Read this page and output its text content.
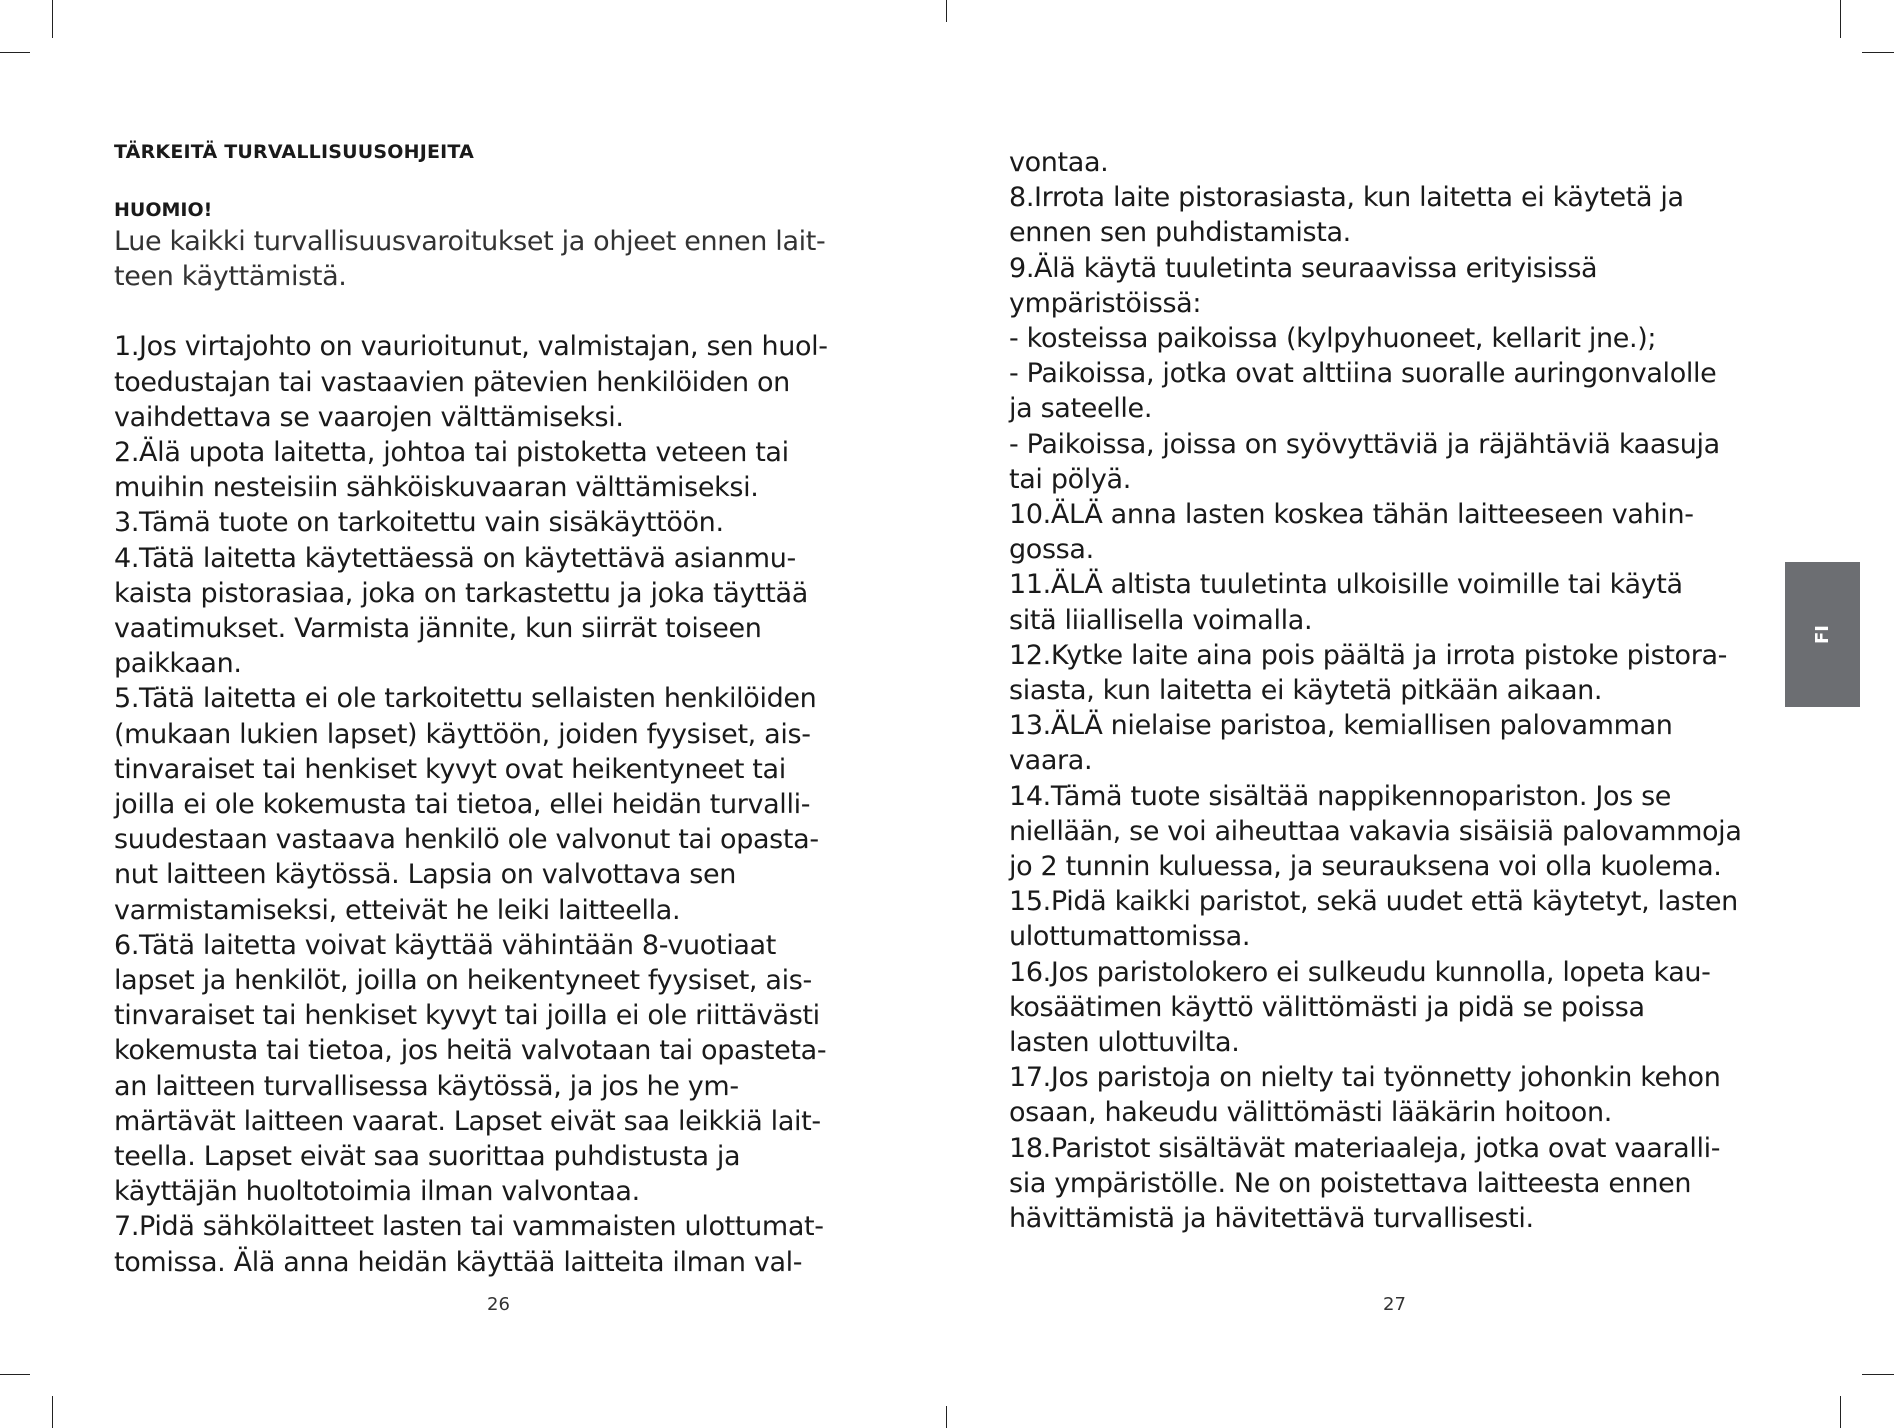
TÄRKEITÄ TURVALLISUUSOHJEITA
HUOMIO!

Lue kaikki turvallisuusvaroitukset ja ohjeet ennen lait-
teen käyttämistä.

1.Jos virtajohto on vaurioitunut, valmistajan, sen huol-
toedustajan tai vastaavien pätevien henkilöiden on
vaihdettava se vaarojen välttämiseksi.
2.Älä upota laitetta, johtoa tai pistoketta veteen tai
muihin nesteisiin sähköiskuvaaran välttämiseksi.
3.Tämä tuote on tarkoitettu vain sisäkäyttöön.
4.Tätä laitetta käytettäessä on käytettävä asianmu-
kaista pistorasiaa, joka on tarkastettu ja joka täyttää
vaatimukset. Varmista jännite, kun siirrät toiseen
paikkaan.
5.Tätä laitetta ei ole tarkoitettu sellaisten henkilöiden
(mukaan lukien lapset) käyttöön, joiden fyysiset, ais-
tinvaraiset tai henkiset kyvyt ovat heikentyneet tai
joilla ei ole kokemusta tai tietoa, ellei heidän turvalli-
suudestaan vastaava henkilö ole valvonut tai opasta-
nut laitteen käytössä. Lapsia on valvottava sen
varmistamiseksi, etteivät he leiki laitteella.
6.Tätä laitetta voivat käyttää vähintään 8-vuotiaat
lapset ja henkilöt, joilla on heikentyneet fyysiset, ais-
tinvaraiset tai henkiset kyvyt tai joilla ei ole riittävästi
kokemusta tai tietoa, jos heitä valvotaan tai opasteta-
an laitteen turvallisessa käytössä, ja jos he ym-
märtävät laitteen vaarat. Lapset eivät saa leikkiä lait-
teella. Lapset eivät saa suorittaa puhdistusta ja
käyttäjän huoltotoimia ilman valvontaa.
7.Pidä sähkölaitteet lasten tai vammaisten ulottumat-
tomissa. Älä anna heidän käyttää laitteita ilman val-

vontaa.
8.Irrota laite pistorasiasta, kun laitetta ei käytetä ja
ennen sen puhdistamista.
9.Älä käytä tuuletinta seuraavissa erityisissä
ympäristöissä:
- kosteissa paikoissa (kylpyhuoneet, kellarit jne.);
- Paikoissa, jotka ovat alttiina suoralle auringonvalolle
ja sateelle.
- Paikoissa, joissa on syövyttäviä ja räjähtäviä kaasuja
tai pölyä.
10.ÄLÄ anna lasten koskea tähän laitteeseen vahin-
gossa.
11.ÄLÄ altista tuuletinta ulkoisille voimille tai käytä
sitä liiallisella voimalla.
12.Kytke laite aina pois päältä ja irrota pistoke pistora-
siasta, kun laitetta ei käytetä pitkään aikaan.
13.ÄLÄ nielaise paristoa, kemiallisen palovamman
vaara.
14.Tämä tuote sisältää nappikennopariston. Jos se
niellään, se voi aiheuttaa vakavia sisäisiä palovammoja
jo 2 tunnin kuluessa, ja seurauksena voi olla kuolema.
15.Pidä kaikki paristot, sekä uudet että käytetyt, lasten
ulottumattomissa.
16.Jos paristolokero ei sulkeudu kunnolla, lopeta kau-
kosäätimen käyttö välittömästi ja pidä se poissa
lasten ulottuvilta.
17.Jos paristoja on nielty tai työnnetty johonkin kehon
osaan, hakeudu välittömästi lääkärin hoitoon.
18.Paristot sisältävät materiaaleja, jotka ovat vaaralli-
sia ympäristölle. Ne on poistettava laitteesta ennen
hävittämistä ja hävitettävä turvallisesti.

26	27
FI
